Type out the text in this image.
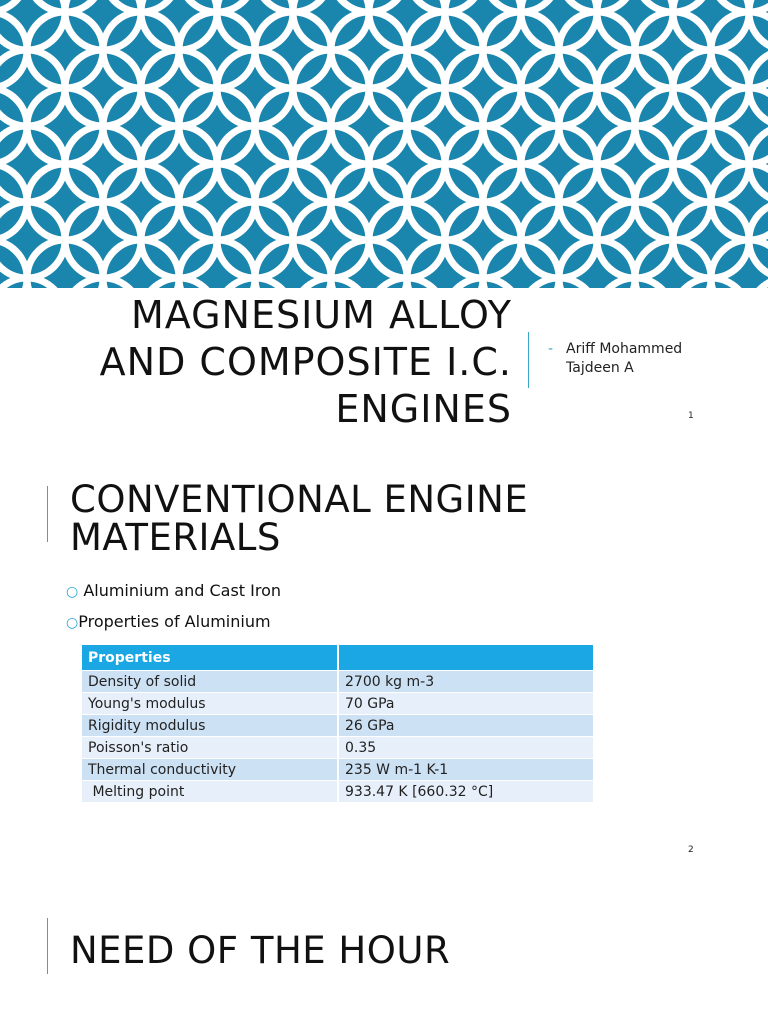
MAGNESIUM ALLOY
AND COMPOSITE I.C.
ENGINES
- Ariff Mohammed Tajdeen A
1
CONVENTIONAL ENGINE
MATERIALS
○ Aluminium and Cast Iron
○Properties of Aluminium
Properties	
Density of solid	2700 kg m-3
Young's modulus	70 GPa
Rigidity modulus	26 GPa
Poisson's ratio	0.35
Thermal conductivity	235 W m-1 K-1
Melting point	933.47 K [660.32 °C]
2
NEED OF THE HOUR
